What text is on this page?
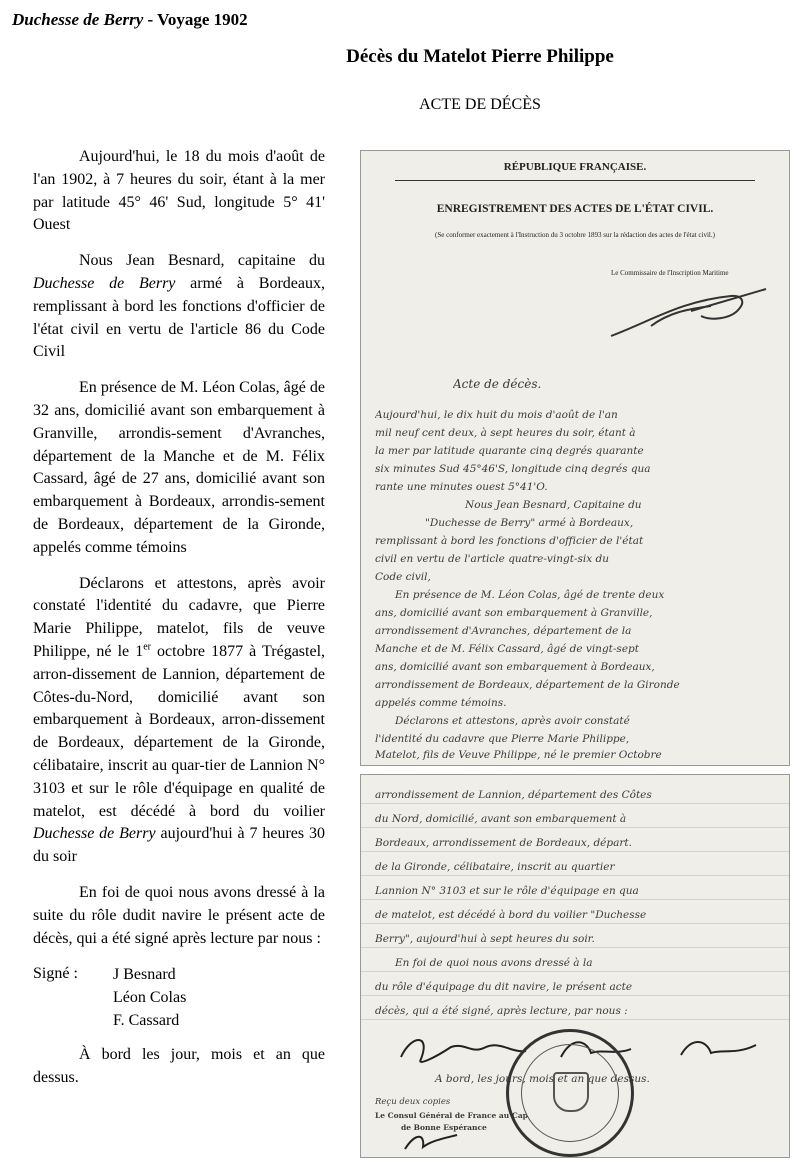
Duchesse de Berry - Voyage 1902
Décès du Matelot Pierre Philippe
ACTE DE DÉCÈS

Aujourd'hui, le 18 du mois d'août de l'an 1902, à 7 heures du soir, étant à la mer par latitude 45° 46' Sud, longitude 5° 41' Ouest

Nous Jean Besnard, capitaine du Duchesse de Berry armé à Bordeaux, remplissant à bord les fonctions d'officier de l'état civil en vertu de l'article 86 du Code Civil

En présence de M. Léon Colas, âgé de 32 ans, domicilié avant son embarquement à Granville, arrondis-sement d'Avranches, département de la Manche et de M. Félix Cassard, âgé de 27 ans, domicilié avant son embarquement à Bordeaux, arrondis-sement de Bordeaux, département de la Gironde, appelés comme témoins

Déclarons et attestons, après avoir constaté l'identité du cadavre, que Pierre Marie Philippe, matelot, fils de veuve Philippe, né le 1er octobre 1877 à Trégastel, arron-dissement de Lannion, département de Côtes-du-Nord, domicilié avant son embarquement à Bordeaux, arron-dissement de Bordeaux, département de la Gironde, célibataire, inscrit au quar-tier de Lannion N° 3103 et sur le rôle d'équipage en qualité de matelot, est décédé à bord du voilier Duchesse de Berry aujourd'hui à 7 heures 30 du soir

En foi de quoi nous avons dressé à la suite du rôle dudit navire le présent acte de décès, qui a été signé après lecture par nous :

Signé :	J Besnard
Léon Colas
F. Cassard

À bord les jour, mois et an que dessus.

RÉPUBLIQUE FRANÇAISE.
ENREGISTREMENT DES ACTES DE L'ÉTAT CIVIL.
(Se conformer exactement à l'Instruction du 3 octobre 1893 sur la rédaction des actes de l'état civil.)
Le Commissaire de l'Inscription Maritime
Acte de décès.
Aujourd'hui, le dix huit du mois d'août de l'an
mil neuf cent deux, à sept heures du soir, étant à
la mer par latitude quarante cinq degrés quarante
six minutes Sud 45°46'S, longitude cinq degrés qua
rante une minutes ouest 5°41'O.
Nous Jean Besnard, Capitaine du
"Duchesse de Berry" armé à Bordeaux,
remplissant à bord les fonctions d'officier de l'état
civil en vertu de l'article quatre-vingt-six du
Code civil,
En présence de M. Léon Colas, âgé de trente deux
ans, domicilié avant son embarquement à Granville,
arrondissement d'Avranches, département de la
Manche et de M. Félix Cassard, âgé de vingt-sept
ans, domicilié avant son embarquement à Bordeaux,
arrondissement de Bordeaux, département de la Gironde
appelés comme témoins.
Déclarons et attestons, après avoir constaté
l'identité du cadavre que Pierre Marie Philippe,
Matelot, fils de Veuve Philippe, né le premier Octobre
arrondissement de Lannion, département des Côtes
du Nord, domicilié, avant son embarquement à
Bordeaux, arrondissement de Bordeaux, départ.
de la Gironde, célibataire, inscrit au quartier
Lannion N° 3103 et sur le rôle d'équipage en qua
de matelot, est décédé à bord du voilier "Duchesse
Berry", aujourd'hui à sept heures du soir.
En foi de quoi nous avons dressé à la
du rôle d'équipage du dit navire, le présent acte
décès, qui a été signé, après lecture, par nous :
A bord, les jours, mois et an que dessus.
Reçu deux copies
Le Consul Général de France au Cap
de Bonne Espérance
